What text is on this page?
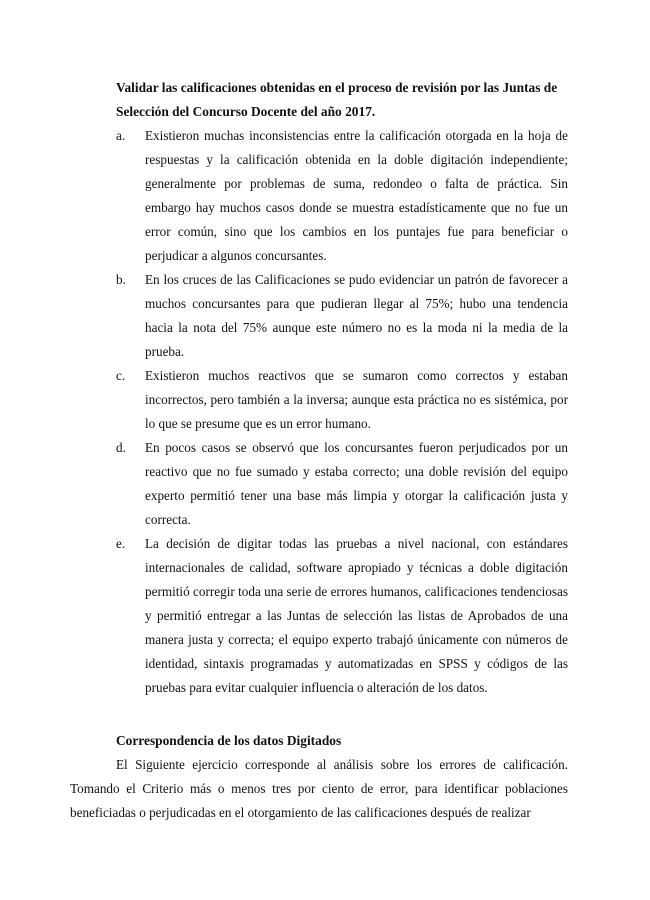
Validar las calificaciones obtenidas en el proceso de revisión por las Juntas de Selección del Concurso Docente del año 2017.

a.	Existieron muchas inconsistencias entre la calificación otorgada en la hoja de respuestas y la calificación obtenida en la doble digitación independiente; generalmente por problemas de suma, redondeo o falta de práctica. Sin embargo hay muchos casos donde se muestra estadísticamente que no fue un error común, sino que los cambios en los puntajes fue para beneficiar o perjudicar a algunos concursantes.
b.	En los cruces de las Calificaciones se pudo evidenciar un patrón de favorecer a muchos concursantes para que pudieran llegar al 75%; hubo una tendencia hacia la nota del 75% aunque este número no es la moda ni la media de la prueba.
c.	Existieron muchos reactivos que se sumaron como correctos y estaban incorrectos, pero también a la inversa; aunque esta práctica no es sistémica, por lo que se presume que es un error humano.
d.	En pocos casos se observó que los concursantes fueron perjudicados por un reactivo que no fue sumado y estaba correcto; una doble revisión del equipo experto permitió tener una base más limpia y otorgar la calificación justa y correcta.
e.	La decisión de digitar todas las pruebas a nivel nacional, con estándares internacionales de calidad, software apropiado y técnicas a doble digitación permitió corregir toda una serie de errores humanos, calificaciones tendenciosas y permitió entregar a las Juntas de selección las listas de Aprobados de una manera justa y correcta; el equipo experto trabajó únicamente con números de identidad, sintaxis programadas y automatizadas en SPSS y códigos de las pruebas para evitar cualquier influencia o alteración de los datos.

Correspondencia de los datos Digitados

El Siguiente ejercicio corresponde al análisis sobre los errores de calificación. Tomando el Criterio más o menos tres por ciento de error, para identificar poblaciones beneficiadas o perjudicadas en el otorgamiento de las calificaciones después de realizar
